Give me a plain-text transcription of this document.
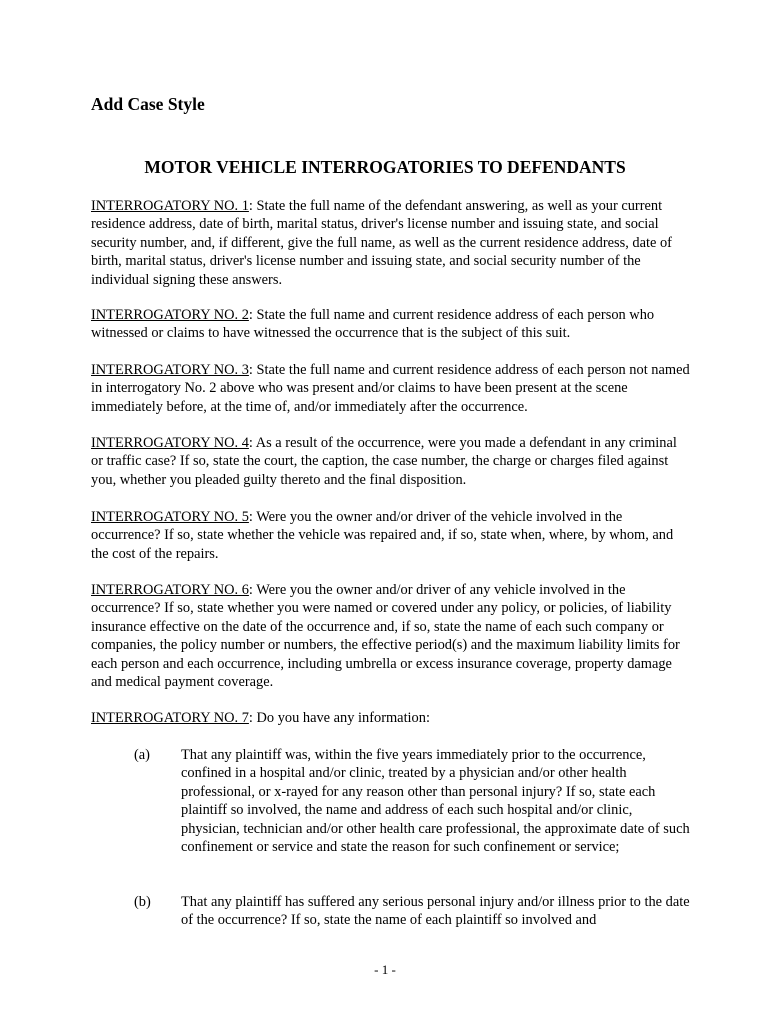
Add Case Style
MOTOR VEHICLE INTERROGATORIES TO DEFENDANTS

INTERROGATORY NO. 1: State the full name of the defendant answering, as well as your current residence address, date of birth, marital status, driver's license number and issuing state, and social security number, and, if different, give the full name, as well as the current residence address, date of birth, marital status, driver's license number and issuing state, and social security number of the individual signing these answers.

INTERROGATORY NO. 2: State the full name and current residence address of each person who witnessed or claims to have witnessed the occurrence that is the subject of this suit.

INTERROGATORY NO. 3: State the full name and current residence address of each person not named in interrogatory No. 2 above who was present and/or claims to have been present at the scene immediately before, at the time of, and/or immediately after the occurrence.

INTERROGATORY NO. 4: As a result of the occurrence, were you made a defendant in any criminal or traffic case? If so, state the court, the caption, the case number, the charge or charges filed against you, whether you pleaded guilty thereto and the final disposition.

INTERROGATORY NO. 5: Were you the owner and/or driver of the vehicle involved in the occurrence? If so, state whether the vehicle was repaired and, if so, state when, where, by whom, and the cost of the repairs.

INTERROGATORY NO. 6: Were you the owner and/or driver of any vehicle involved in the occurrence? If so, state whether you were named or covered under any policy, or policies, of liability insurance effective on the date of the occurrence and, if so, state the name of each such company or companies, the policy number or numbers, the effective period(s) and the maximum liability limits for each person and each occurrence, including umbrella or excess insurance coverage, property damage and medical payment coverage.

INTERROGATORY NO. 7: Do you have any information:

(a) That any plaintiff was, within the five years immediately prior to the occurrence, confined in a hospital and/or clinic, treated by a physician and/or other health professional, or x-rayed for any reason other than personal injury? If so, state each plaintiff so involved, the name and address of each such hospital and/or clinic, physician, technician and/or other health care professional, the approximate date of such confinement or service and state the reason for such confinement or service;
(b) That any plaintiff has suffered any serious personal injury and/or illness prior to the date of the occurrence? If so, state the name of each plaintiff so involved and

- 1 -
